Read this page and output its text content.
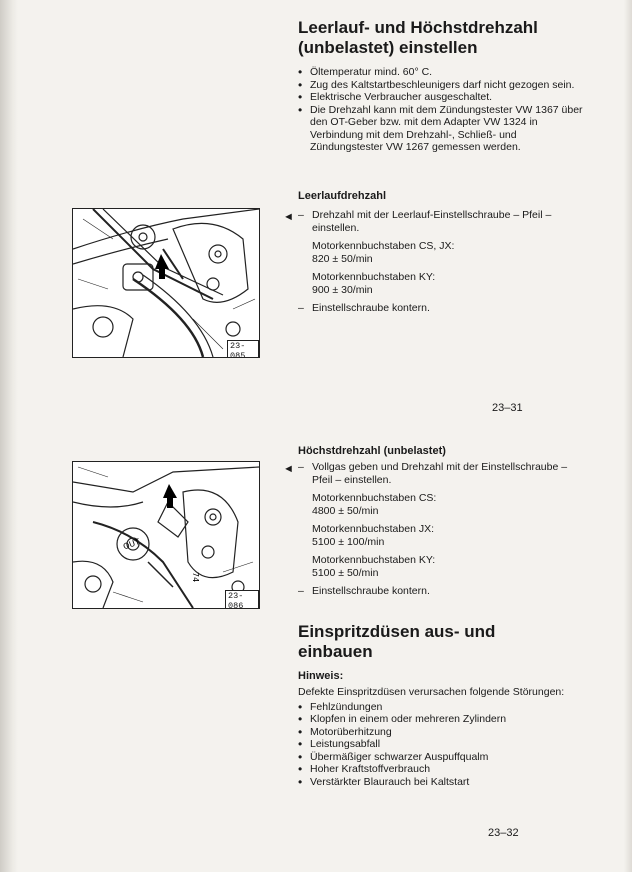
Leerlauf- und Höchstdrehzahl
(unbelastet) einstellen
• Öltemperatur mind. 60° C.
• Zug des Kaltstartbeschleunigers darf nicht gezogen sein.
• Elektrische Verbraucher ausgeschaltet.
• Die Drehzahl kann mit dem Zündungstester VW 1367 über den OT-Geber bzw. mit dem Adapter VW 1324 in Verbindung mit dem Drehzahl-, Schließ- und Zündungstester VW 1267 gemessen werden.

Leerlaufdrehzahl

◄ – Drehzahl mit der Leerlauf-Einstellschraube – Pfeil – einstellen.
Motorkennbuchstaben CS, JX:
820 ± 50/min
Motorkennbuchstaben KY:
900 ± 30/min
– Einstellschraube kontern.
23-085
23–31

Höchstdrehzahl (unbelastet)

◄ – Vollgas geben und Drehzahl mit der Einstellschraube – Pfeil – einstellen.
Motorkennbuchstaben CS:
4800 ± 50/min
Motorkennbuchstaben JX:
5100 ± 100/min
Motorkennbuchstaben KY:
5100 ± 50/min
– Einstellschraube kontern.
OUT
74
23-086
Einspritzdüsen aus- und
einbauen

Hinweis:

Defekte Einspritzdüsen verursachen folgende Störungen:
• Fehlzündungen
• Klopfen in einem oder mehreren Zylindern
• Motorüberhitzung
• Leistungsabfall
• Übermäßiger schwarzer Auspuffqualm
• Hoher Kraftstoffverbrauch
• Verstärkter Blaurauch bei Kaltstart
23–32
